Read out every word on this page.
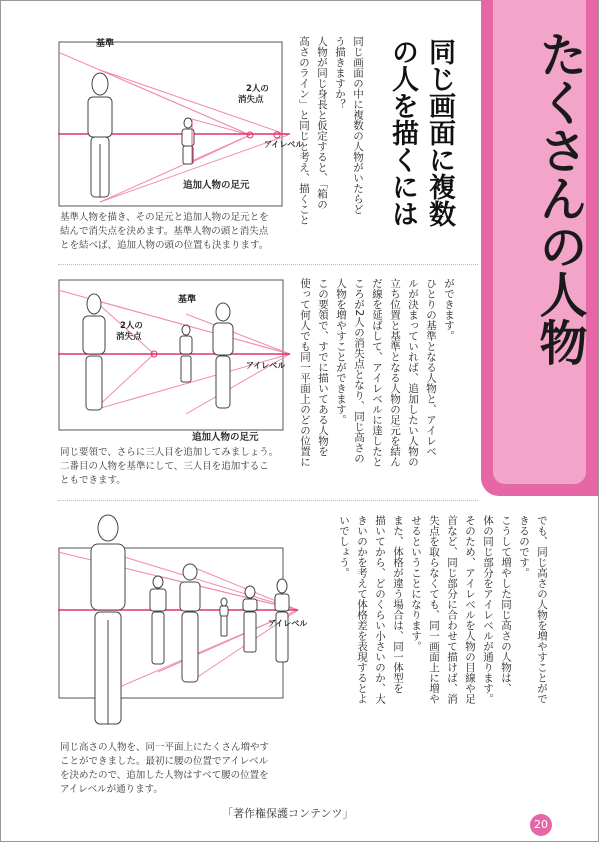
たくさんの人物
同じ画面に複数
の人を描くには
同じ画面の中に複数の人物がいたらど
う描きますか？
人物が同じ身長と仮定すると、「箱の
高さのライン」と同じと考え、描くこと
ができます。
ひとりの基準となる人物と、アイレベ
ルが決まっていれば、追加したい人物の
立ち位置と基準となる人物の足元を結ん
だ線を延ばして、アイレベルに達したと
ころが2人の消失点となり、同じ高さの
人物を増やすことができます。
この要領で、すでに描いてある人物を
使って何人でも同一平面上のどの位置に
でも、同じ高さの人物を増やすことがで
きるのです。
こうして増やした同じ高さの人物は、
体の同じ部分をアイレベルが通ります。
そのため、アイレベルを人物の目線や足
首など、同じ部分に合わせて描けば、消
失点を取らなくても、同一画面上に増や
せるということになります。
また、体格が違う場合は、同一体型を
描いてから、どのくらい小さいのか、大
きいのかを考えて体格差を表現するとよ
いでしょう。
基準
2人の
消失点
アイレベル
追加人物の足元
基準人物を描き、その足元と追加人物の足元とを
結んで消失点を決めます。基準人物の頭と消失点
とを結べば、追加人物の頭の位置も決まります。
基準
2人の
消失点
アイレベル
追加人物の足元
同じ要領で、さらに三人目を追加してみましょう。
二番目の人物を基準にして、三人目を追加するこ
ともできます。
アイレベル
同じ高さの人物を、同一平面上にたくさん増やす
ことができました。最初に腰の位置でアイレベル
を決めたので、追加した人物はすべて腰の位置を
アイレベルが通ります。
「著作権保護コンテンツ」
20
